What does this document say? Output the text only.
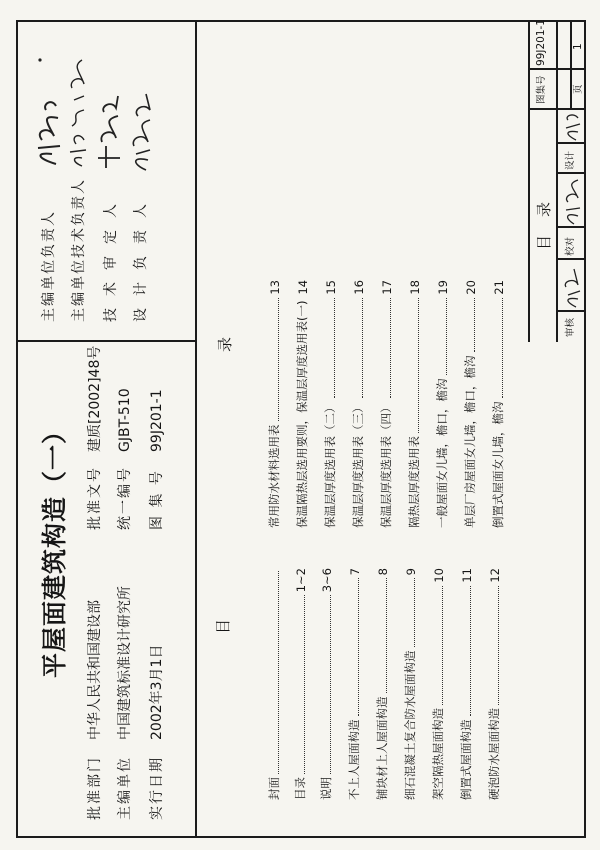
平屋面建筑构造（一）
批准部门
中华人民共和国建设部
主编单位
中国建筑标准设计研究所
实行日期
2002年3月1日
批准文号
建质[2002]48号
统一编号
GJBT-510
图 集 号
99J201-1
主编单位负责人 主编单位技术负责人 技术审定人 设计负责人
目
录
封面 目录
1~2
说明
3~6
不上人屋面构造
7
铺块材上人屋面构造
8
细石混凝土复合防水屋面构造
9
架空隔热屋面构造
10
倒置式屋面构造
11
硬泡防水屋面构造
12
常用防水材料选用表
13
保温隔热层选用要则，保温层厚度选用表(一)
14
保温层厚度选用表（二）
15
保温层厚度选用表（三）
16
保温层厚度选用表（四）
17
隔热层厚度选用表
18
一般屋面女儿墙，檐口，檐沟
19
单层厂房屋面女儿墙，檐口，檐沟
20
倒置式屋面女儿墙，檐沟
21
目录
图集号
99J201-1
页
1
审核
校对
设计
